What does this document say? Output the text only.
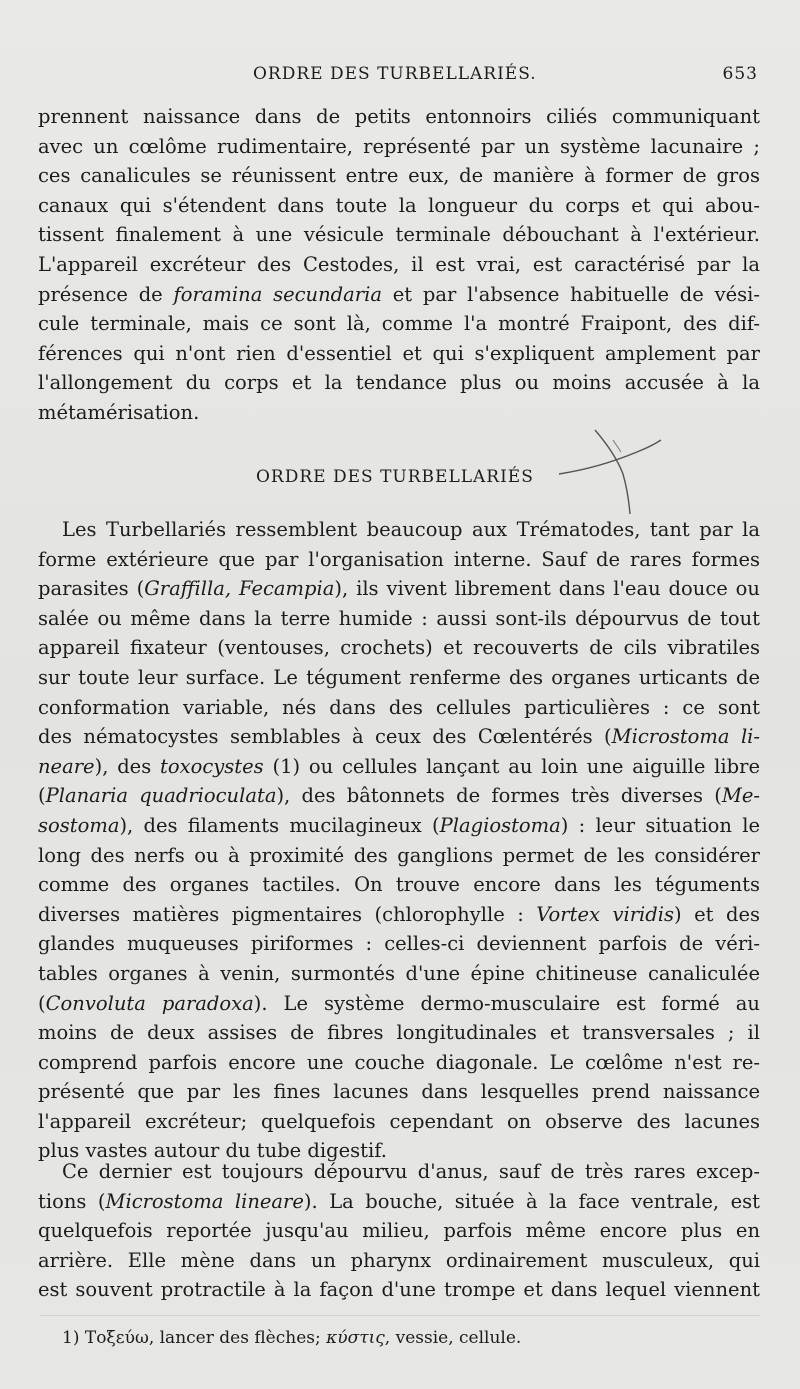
ORDRE DES TURBELLARIÉS.	653
prennent naissance dans de petits entonnoirs ciliés communiquant
avec un cœlôme rudimentaire, représenté par un système lacunaire ;
ces canalicules se réunissent entre eux, de manière à former de gros
canaux qui s'étendent dans toute la longueur du corps et qui abou-
tissent finalement à une vésicule terminale débouchant à l'extérieur.
L'appareil excréteur des Cestodes, il est vrai, est caractérisé par la
présence de foramina secundaria et par l'absence habituelle de vési-
cule terminale, mais ce sont là, comme l'a montré Fraipont, des dif-
férences qui n'ont rien d'essentiel et qui s'expliquent amplement par
l'allongement du corps et la tendance plus ou moins accusée à la
métamérisation.
ORDRE DES TURBELLARIÉS
Les Turbellariés ressemblent beaucoup aux Trématodes, tant par la
forme extérieure que par l'organisation interne. Sauf de rares formes
parasites (Graffilla, Fecampia), ils vivent librement dans l'eau douce ou
salée ou même dans la terre humide : aussi sont-ils dépourvus de tout
appareil fixateur (ventouses, crochets) et recouverts de cils vibratiles
sur toute leur surface. Le tégument renferme des organes urticants de
conformation variable, nés dans des cellules particulières : ce sont
des nématocystes semblables à ceux des Cœlentérés (Microstoma li-
neare), des toxocystes (1) ou cellules lançant au loin une aiguille libre
(Planaria quadrioculata), des bâtonnets de formes très diverses (Me-
sostoma), des filaments mucilagineux (Plagiostoma) : leur situation le
long des nerfs ou à proximité des ganglions permet de les considérer
comme des organes tactiles. On trouve encore dans les téguments
diverses matières pigmentaires (chlorophylle : Vortex viridis) et des
glandes muqueuses piriformes : celles-ci deviennent parfois de véri-
tables organes à venin, surmontés d'une épine chitineuse canaliculée
(Convoluta paradoxa). Le système dermo-musculaire est formé au
moins de deux assises de fibres longitudinales et transversales ; il
comprend parfois encore une couche diagonale. Le cœlôme n'est re-
présenté que par les fines lacunes dans lesquelles prend naissance
l'appareil excréteur; quelquefois cependant on observe des lacunes
plus vastes autour du tube digestif.
Ce dernier est toujours dépourvu d'anus, sauf de très rares excep-
tions (Microstoma lineare). La bouche, située à la face ventrale, est
quelquefois reportée jusqu'au milieu, parfois même encore plus en
arrière. Elle mène dans un pharynx ordinairement musculeux, qui
est souvent protractile à la façon d'une trompe et dans lequel viennent
1) Τοξεύω, lancer des flèches; κύστις, vessie, cellule.
